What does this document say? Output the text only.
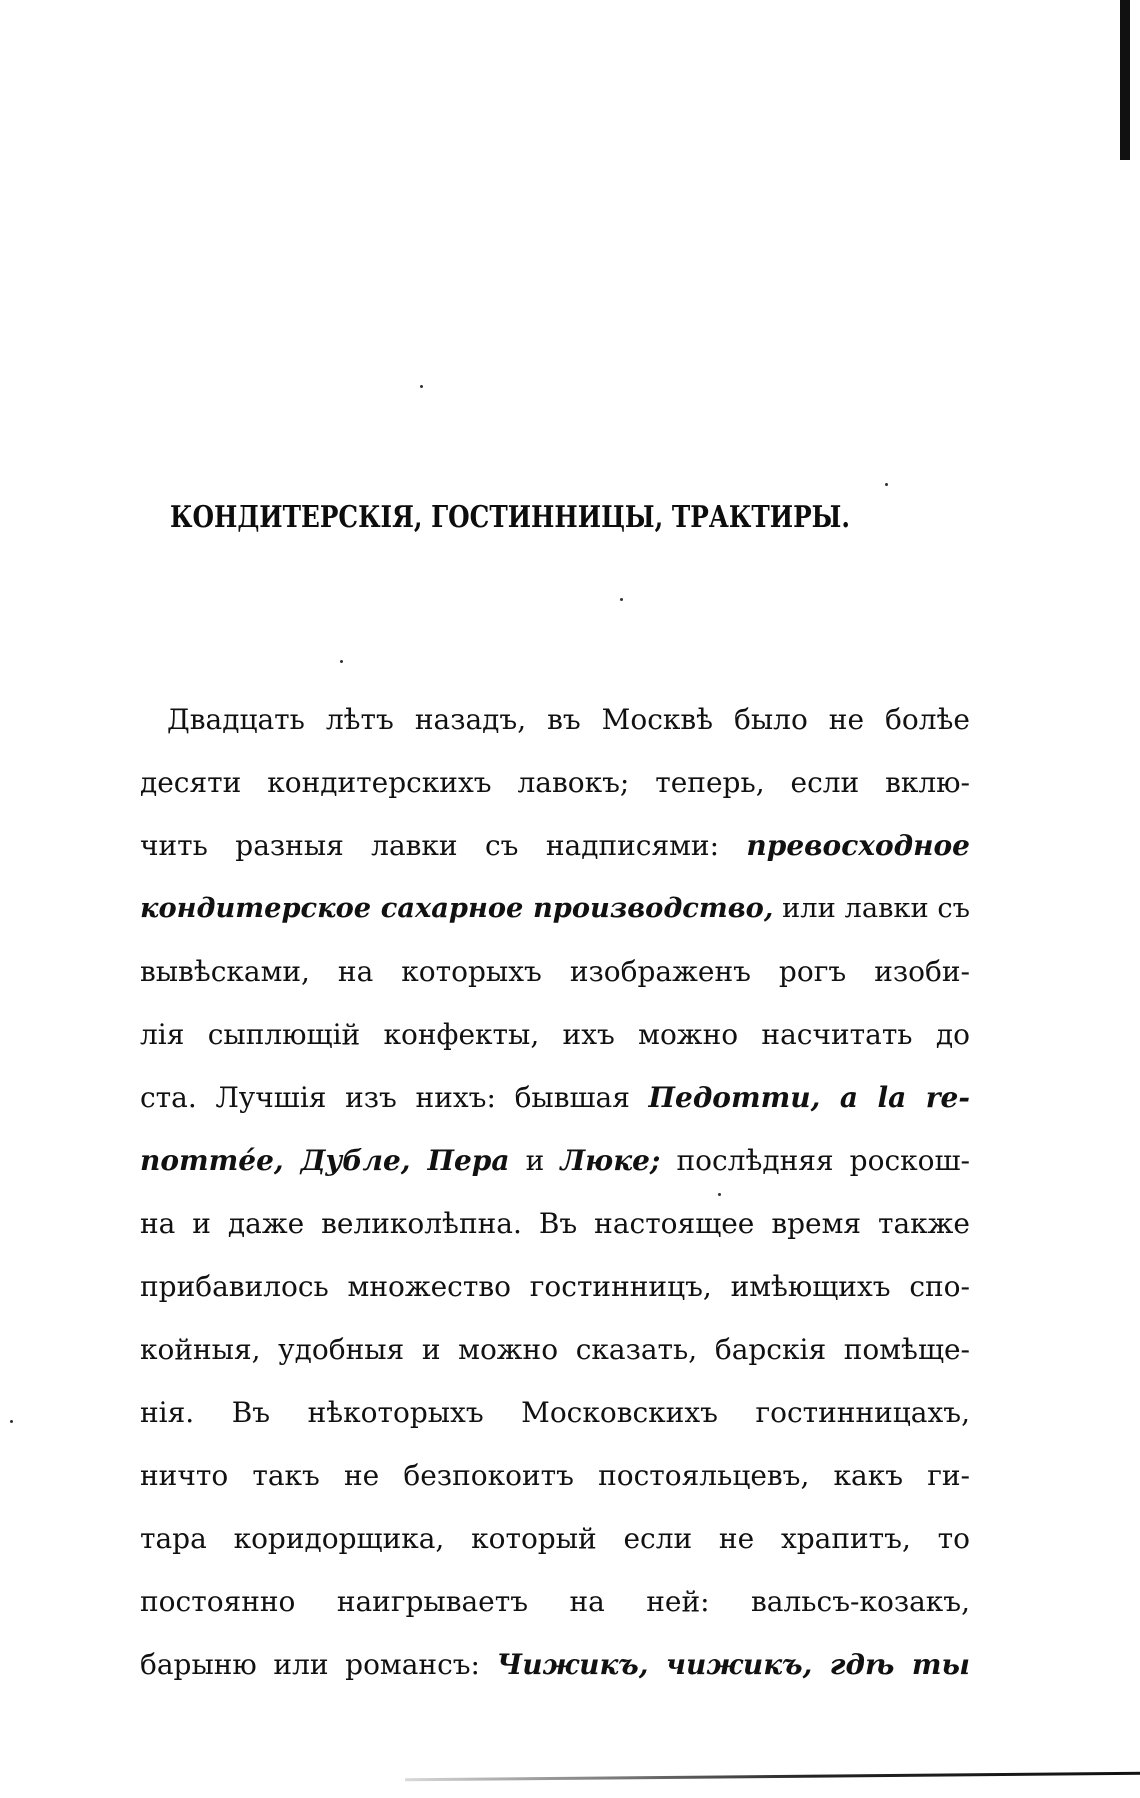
КОНДИТЕРСКІЯ, ГОСТИННИЦЫ, ТРАКТИРЫ.
Двадцать лѣтъ назадъ, въ Москвѣ было не болѣе
десяти кондитерскихъ лавокъ; теперь, если вклю-
чить разныя лавки съ надписями: превосходное
кондитерское сахарное производство, или лавки съ
вывѣсками, на которыхъ изображенъ рогъ изоби-
лія сыплющій конфекты, ихъ можно насчитать до
ста. Лучшія изъ нихъ: бывшая Педотти, a la re-
nommée, Дубле, Пера и Люке; послѣдняя роскош-
на и даже великолѣпна. Въ настоящее время также
прибавилось множество гостинницъ, имѣющихъ спо-
койныя, удобныя и можно сказать, барскія помѣще-
нія. Въ нѣкоторыхъ Московскихъ гостинницахъ,
ничто такъ не безпокоитъ постояльцевъ, какъ ги-
тара коридорщика, который если не храпитъ, то
постоянно наигрываетъ на ней: вальсъ-козакъ,
барыню или романсъ: Чижикъ, чижикъ, гдѣ ты
